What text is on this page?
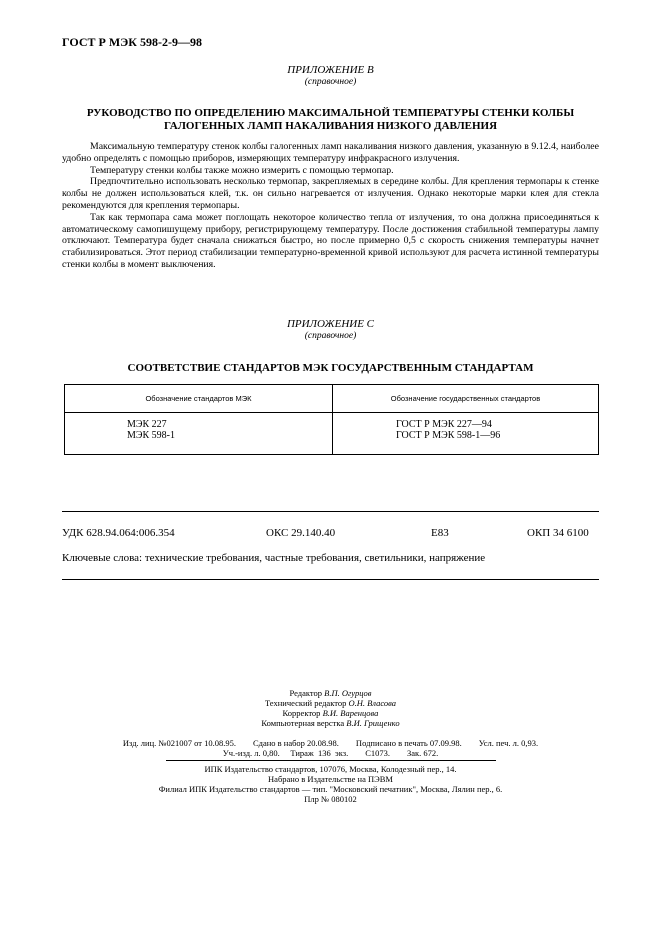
ГОСТ Р МЭК 598-2-9—98
ПРИЛОЖЕНИЕ В
(справочное)
РУКОВОДСТВО ПО ОПРЕДЕЛЕНИЮ МАКСИМАЛЬНОЙ ТЕМПЕРАТУРЫ СТЕНКИ КОЛБЫ
ГАЛОГЕННЫХ ЛАМП НАКАЛИВАНИЯ НИЗКОГО ДАВЛЕНИЯ

Максимальную температуру стенок колбы галогенных ламп накаливания низкого давления, указанную в 9.12.4, наиболее удобно определять с помощью приборов, измеряющих температуру инфракрасного излучения.

Температуру стенки колбы также можно измерить с помощью термопар.

Предпочтительно использовать несколько термопар, закрепляемых в середине колбы. Для крепления термопары к стенке колбы не должен использоваться клей, т.к. он сильно нагревается от излучения. Однако некоторые марки клея для стекла рекомендуются для крепления термопары.

Так как термопара сама может поглощать некоторое количество тепла от излучения, то она должна присоединяться к автоматическому самопишущему прибору, регистрирующему температуру. После достижения стабильной температуры лампу отключают. Температура будет сначала снижаться быстро, но после примерно 0,5 с скорость снижения температуры начнет стабилизироваться. Этот период стабилизации температурно-временной кривой используют для расчета истинной температуры стенки колбы в момент выключения.

ПРИЛОЖЕНИЕ С
(справочное)
СООТВЕТСТВИЕ СТАНДАРТОВ МЭК ГОСУДАРСТВЕННЫМ СТАНДАРТАМ
Обозначение стандартов МЭК	Обозначение государственных стандартов
МЭК 227	ГОСТ Р МЭК 227—94
МЭК 598-1	ГОСТ Р МЭК 598-1—96
УДК 628.94.064:006.354	ОКС 29.140.40	Е83	ОКП 34 6100
Ключевые слова: технические требования, частные требования, светильники, напряжение
Редактор В.П. Огурцов
Технический редактор О.Н. Власова
Корректор В.И. Варенцова
Компьютерная верстка В.И. Грищенко
Изд. лиц. №021007 от 10.08.95.        Сдано в набор 20.08.98.        Подписано в печать 07.09.98.        Усл. печ. л. 0,93.
Уч.-изд. л. 0,80.     Тираж  136  экз.        С1073.        Зак. 672.
ИПК Издательство стандартов, 107076, Москва, Колодезный пер., 14.
Набрано в Издательстве на ПЭВМ
Филиал ИПК Издательство стандартов — тип. "Московский печатник", Москва, Лялин пер., 6.
Плр № 080102
